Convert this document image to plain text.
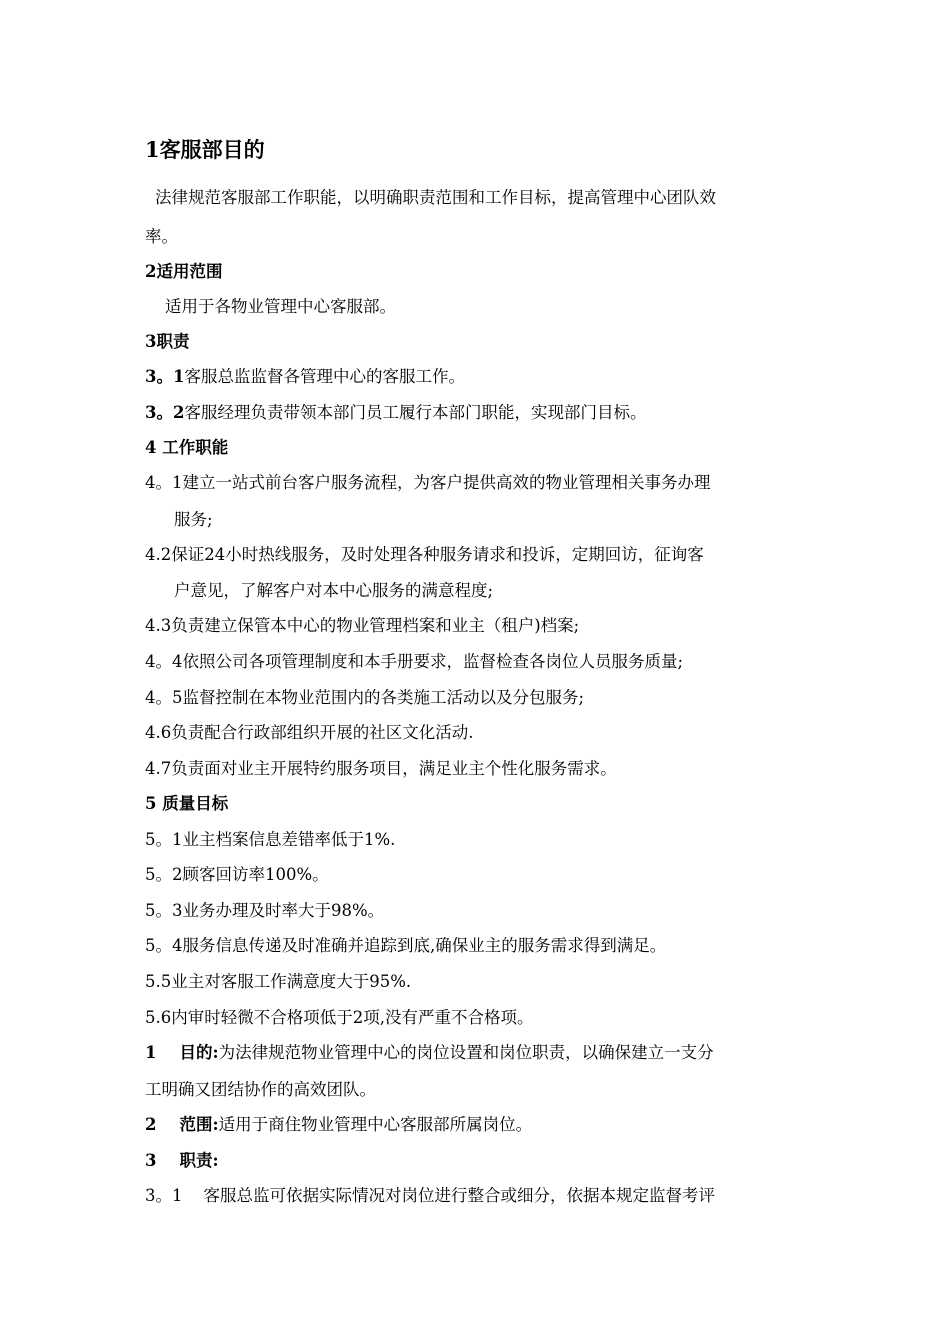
1客服部目的
法律规范客服部工作职能，以明确职责范围和工作目标，提高管理中心团队效
率。
2适用范围
适用于各物业管理中心客服部。
3职责
3。1客服总监监督各管理中心的客服工作。
3。2客服经理负责带领本部门员工履行本部门职能，实现部门目标。
4 工作职能
4。1建立一站式前台客户服务流程，为客户提供高效的物业管理相关事务办理
服务;
4.2保证24小时热线服务，及时处理各种服务请求和投诉，定期回访，征询客
户意见，了解客户对本中心服务的满意程度;
4.3负责建立保管本中心的物业管理档案和业主（租户)档案;
4。4依照公司各项管理制度和本手册要求，监督检查各岗位人员服务质量;
4。5监督控制在本物业范围内的各类施工活动以及分包服务;
4.6负责配合行政部组织开展的社区文化活动.
4.7负责面对业主开展特约服务项目，满足业主个性化服务需求。
5 质量目标
5。1业主档案信息差错率低于1%.
5。2顾客回访率100%。
5。3业务办理及时率大于98%。
5。4服务信息传递及时准确并追踪到底,确保业主的服务需求得到满足。
5.5业主对客服工作满意度大于95%.
5.6内审时轻微不合格项低于2项,没有严重不合格项。
1    目的:为法律规范物业管理中心的岗位设置和岗位职责，以确保建立一支分
工明确又团结协作的高效团队。
2    范围:适用于商住物业管理中心客服部所属岗位。
3    职责:
3。1    客服总监可依据实际情况对岗位进行整合或细分，依据本规定监督考评
